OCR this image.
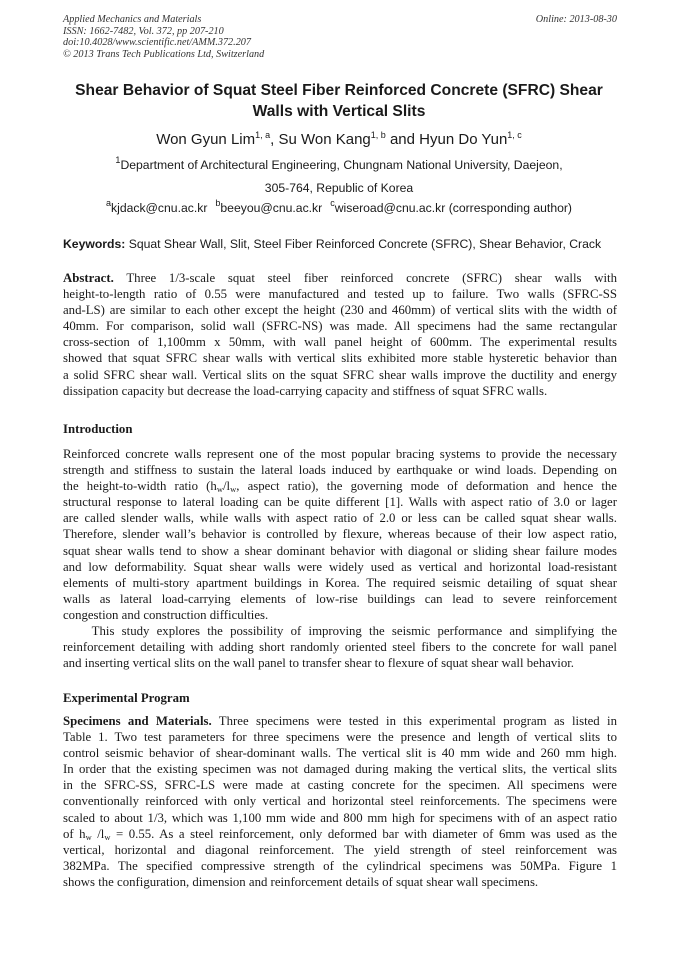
Applied Mechanics and Materials
ISSN: 1662-7482, Vol. 372, pp 207-210
doi:10.4028/www.scientific.net/AMM.372.207
© 2013 Trans Tech Publications Ltd, Switzerland
Online: 2013-08-30
Shear Behavior of Squat Steel Fiber Reinforced Concrete (SFRC) Shear
Walls with Vertical Slits
Won Gyun Lim$^{1, a}$, Su Won Kang$^{1, b}$ and Hyun Do Yun$^{1, c}$
$^1$Department of Architectural Engineering, Chungnam National University, Daejeon,
305-764, Republic of Korea
$^a$kjdack@cnu.ac.kr $^b$beeyou@cnu.ac.kr $^c$wiseroad@cnu.ac.kr (corresponding author)
Keywords: Squat Shear Wall, Slit, Steel Fiber Reinforced Concrete (SFRC), Shear Behavior, Crack
Abstract. Three 1/3-scale squat steel fiber reinforced concrete (SFRC) shear walls with
height-to-length ratio of 0.55 were manufactured and tested up to failure. Two walls (SFRC-SS
and-LS) are similar to each other except the height (230 and 460mm) of vertical slits with the width of
40mm. For comparison, solid wall (SFRC-NS) was made. All specimens had the same rectangular
cross-section of 1,100mm x 50mm, with wall panel height of 600mm. The experimental results
showed that squat SFRC shear walls with vertical slits exhibited more stable hysteretic behavior than
a solid SFRC shear wall. Vertical slits on the squat SFRC shear walls improve the ductility and energy
dissipation capacity but decrease the load-carrying capacity and stiffness of squat SFRC walls.
Introduction
Reinforced concrete walls represent one of the most popular bracing systems to provide the necessary
strength and stiffness to sustain the lateral loads induced by earthquake or wind loads. Depending on
the height-to-width ratio ($h_w/l_w$, aspect ratio), the governing mode of deformation and hence the
structural response to lateral loading can be quite different [1]. Walls with aspect ratio of 3.0 or lager
are called slender walls, while walls with aspect ratio of 2.0 or less can be called squat shear walls.
Therefore, slender wall’s behavior is controlled by flexure, whereas because of their low aspect ratio,
squat shear walls tend to show a shear dominant behavior with diagonal or sliding shear failure modes
and low deformability. Squat shear walls were widely used as vertical and horizontal load-resistant
elements of multi-story apartment buildings in Korea. The required seismic detailing of squat shear
walls as lateral load-carrying elements of low-rise buildings can lead to severe reinforcement
congestion and construction difficulties.
This study explores the possibility of improving the seismic performance and simplifying the
reinforcement detailing with adding short randomly oriented steel fibers to the concrete for wall panel
and inserting vertical slits on the wall panel to transfer shear to flexure of squat shear wall behavior.
Experimental Program
Specimens and Materials. Three specimens were tested in this experimental program as listed in
Table 1. Two test parameters for three specimens were the presence and length of vertical slits to
control seismic behavior of shear-dominant walls. The vertical slit is 40 mm wide and 260 mm high.
In order that the existing specimen was not damaged during making the vertical slits, the vertical slits
in the SFRC-SS, SFRC-LS were made at casting concrete for the specimen. All specimens were
conventionally reinforced with only vertical and horizontal steel reinforcements. The specimens were
scaled to about 1/3, which was 1,100 mm wide and 800 mm high for specimens with of an aspect ratio
of $h_w$ $/l_w = 0.55$. As a steel reinforcement, only deformed bar with diameter of 6mm was used as the
vertical, horizontal and diagonal reinforcement. The yield strength of steel reinforcement was
382MPa. The specified compressive strength of the cylindrical specimens was 50MPa. Figure 1
shows the configuration, dimension and reinforcement details of squat shear wall specimens.
